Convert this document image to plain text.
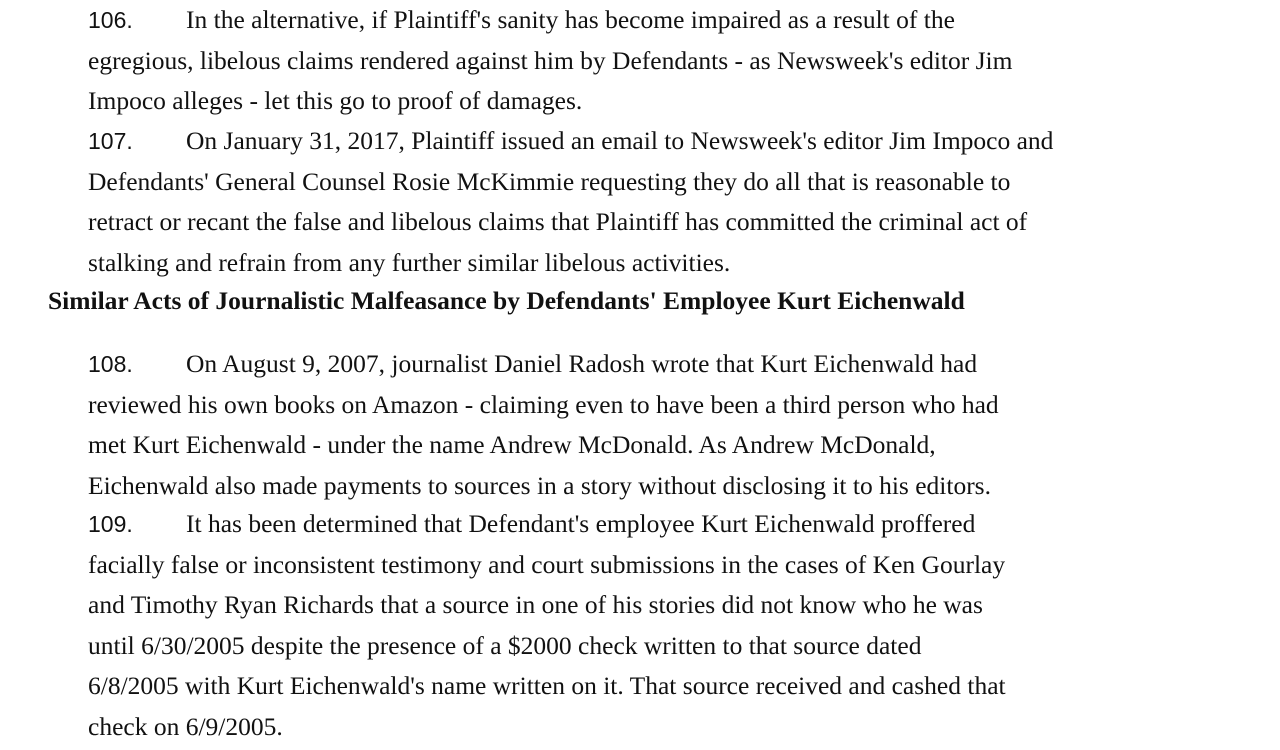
106. In the alternative, if Plaintiff's sanity has become impaired as a result of the
egregious, libelous claims rendered against him by Defendants - as Newsweek's editor Jim
Impoco alleges - let this go to proof of damages.

107. On January 31, 2017, Plaintiff issued an email to Newsweek's editor Jim Impoco and
Defendants' General Counsel Rosie McKimmie requesting they do all that is reasonable to
retract or recant the false and libelous claims that Plaintiff has committed the criminal act of
stalking and refrain from any further similar libelous activities.

Similar Acts of Journalistic Malfeasance by Defendants' Employee Kurt Eichenwald

108. On August 9, 2007, journalist Daniel Radosh wrote that Kurt Eichenwald had
reviewed his own books on Amazon - claiming even to have been a third person who had
met Kurt Eichenwald - under the name Andrew McDonald. As Andrew McDonald,
Eichenwald also made payments to sources in a story without disclosing it to his editors.

109. It has been determined that Defendant's employee Kurt Eichenwald proffered
facially false or inconsistent testimony and court submissions in the cases of Ken Gourlay
and Timothy Ryan Richards that a source in one of his stories did not know who he was
until 6/30/2005 despite the presence of a $2000 check written to that source dated
6/8/2005 with Kurt Eichenwald's name written on it. That source received and cashed that
check on 6/9/2005.
